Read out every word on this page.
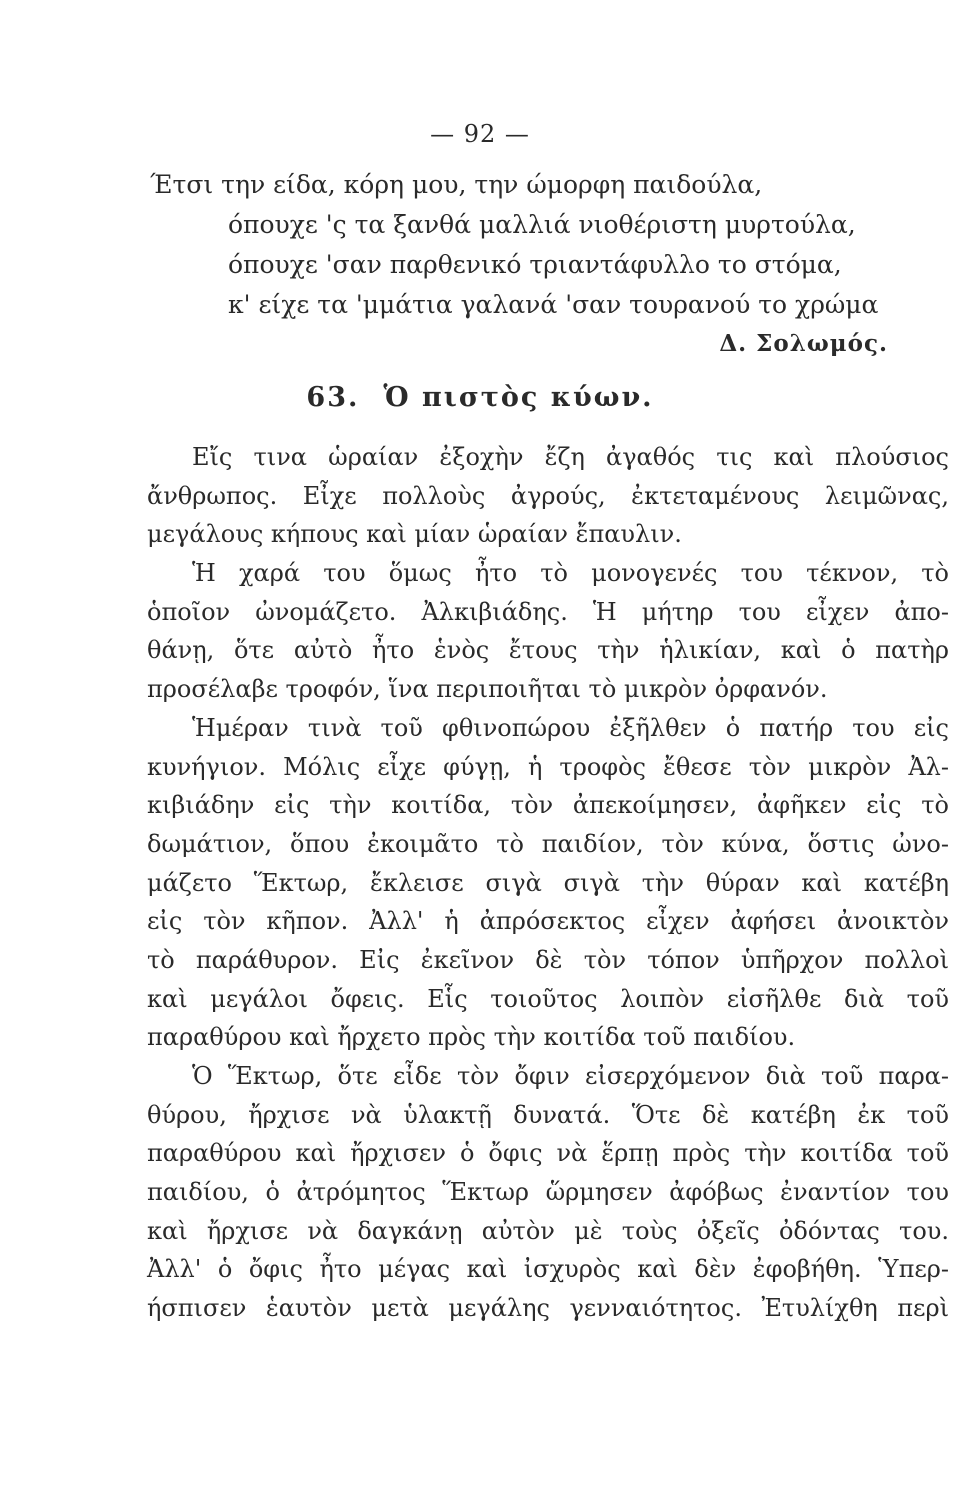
— 92 —
Έτσι την είδα, κόρη μου, την ώμορφη παιδούλα,
όπουχε 'ς τα ξανθά μαλλιά νιοθέριστη μυρτούλα,
όπουχε 'σαν παρθενικό τριαντάφυλλο το στόμα,
κ' είχε τα 'μμάτια γαλανά 'σαν τουρανού το χρώμα
Δ. Σολωμός.
63. Ὁ πιστὸς κύων.
Εἴς τινα ὡραίαν ἐξοχὴν ἔζη ἀγαθός τις καὶ πλούσιος
ἄνθρωπος. Εἶχε πολλοὺς ἀγρούς, ἐκτεταμένους λειμῶνας,
μεγάλους κήπους καὶ μίαν ὡραίαν ἔπαυλιν.
Ἡ χαρά του ὅμως ἦτο τὸ μονογενές του τέκνον, τὸ
ὁποῖον ὠνομάζετο. Ἀλκιβιάδης. Ἡ μήτηρ του εἶχεν ἀπο-
θάνῃ, ὅτε αὐτὸ ἦτο ἑνὸς ἔτους τὴν ἡλικίαν, καὶ ὁ πατὴρ
προσέλαβε τροφόν, ἵνα περιποιῆται τὸ μικρὸν ὀρφανόν.
Ἡμέραν τινὰ τοῦ φθινοπώρου ἐξῆλθεν ὁ πατήρ του εἰς
κυνήγιον. Μόλις εἶχε φύγῃ, ἡ τροφὸς ἔθεσε τὸν μικρὸν Ἀλ-
κιβιάδην εἰς τὴν κοιτίδα, τὸν ἀπεκοίμησεν, ἀφῆκεν εἰς τὸ
δωμάτιον, ὅπου ἐκοιμᾶτο τὸ παιδίον, τὸν κύνα, ὅστις ὠνο-
μάζετο Ἕκτωρ, ἔκλεισε σιγὰ σιγὰ τὴν θύραν καὶ κατέβη
εἰς τὸν κῆπον. Ἀλλ' ἡ ἀπρόσεκτος εἶχεν ἀφήσει ἀνοικτὸν
τὸ παράθυρον. Εἰς ἐκεῖνον δὲ τὸν τόπον ὑπῆρχον πολλοὶ
καὶ μεγάλοι ὄφεις. Εἷς τοιοῦτος λοιπὸν εἰσῆλθε διὰ τοῦ
παραθύρου καὶ ἤρχετο πρὸς τὴν κοιτίδα τοῦ παιδίου.
Ὁ Ἕκτωρ, ὅτε εἶδε τὸν ὄφιν εἰσερχόμενον διὰ τοῦ παρα-
θύρου, ἤρχισε νὰ ὑλακτῇ δυνατά. Ὅτε δὲ κατέβη ἐκ τοῦ
παραθύρου καὶ ἤρχισεν ὁ ὄφις νὰ ἕρπῃ πρὸς τὴν κοιτίδα τοῦ
παιδίου, ὁ ἀτρόμητος Ἕκτωρ ὥρμησεν ἀφόβως ἐναντίον του
καὶ ἤρχισε νὰ δαγκάνῃ αὐτὸν μὲ τοὺς ὀξεῖς ὀδόντας του.
Ἀλλ' ὁ ὄφις ἦτο μέγας καὶ ἰσχυρὸς καὶ δὲν ἐφοβήθη. Ὑπερ-
ήσπισεν ἑαυτὸν μετὰ μεγάλης γενναιότητος. Ἐτυλίχθη περὶ
